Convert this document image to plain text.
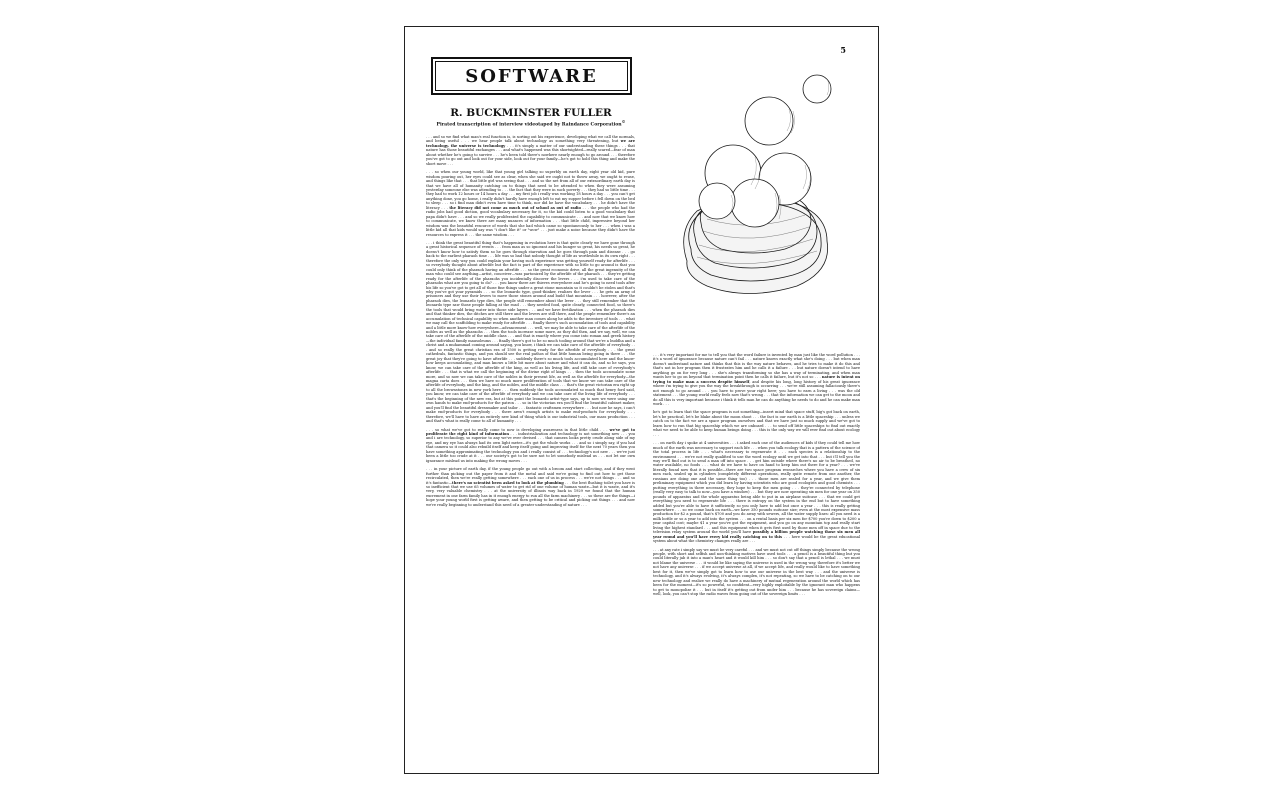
5
SOFTWARE
R. BUCKMINSTER FULLER
Pirated transcription of interview videotaped by Raindance Corporation©

. . . and so we find what man's real function is, is sorting out his experience, developing what we call the normals, and being useful . . . we hear people talk about technology as something very threatening, but we are technology. the universe is technology . . . it's simply a matter of our understanding these things . . . that nature has those beautiful exchanges . . . and what's happened was this shortsighted—really scared—fear of man about whether he's going to survive . . . he's been told there's nowhere nearly enough to go around . . . therefore you've got to go out and look out for your side, look out for your family—he's got to hold this thing and make the short move . . .

. . . so when our young world, like that young girl talking so superbly on earth day, eight year old kid, pure wisdom pouring out, her eyes could see as clear, when she said we ought not to throw away, we ought to reuse, and things like that . . . that little girl was seeing that . . . and so the net from all of our extraordinary earth day is that we have all of humanity catching on to things that need to be attended to when they were assuming yesterday someone else was attending to . . . the fact that they were in such poverty . . . they had so little time . . . they had to work 12 hours or 14 hours a day . . . my first job i really was working 18 hours a day . . . you can't get anything done, you go home, i really didn't hardly have enough left to eat my supper before i fell down on the bed to sleep . . . so i find man didn't even have time to think, nor did he have the vocabulary . . . he didn't have the literacy . . . the literacy did not come as much out of school as out of radio . . . the people who had the radio jobs had good diction, good vocabulary necessary for it, so the kid could listen to a good vocabulary that papa didn't have . . . and so we really proliferated the capability to communicate . . . and now that we know how to communicate, we know there are many nuances of information . . . that little child, impressive beyond her wisdom was the beautiful resource of words that she had which came so spontaneously to her . . . when i was a little kid all that kids would say was "i don't like it" or "wow" . . . just make a noise because they didn't have the resources to express it . . . the same wisdom . . .

. . . i think the great beautiful thing that's happening in evolution here is that quite clearly we have gone through a great historical sequence of events . . . from man as so ignorant and his hunger so great, his needs so great, he doesn't know how to satisfy them so he goes through starvation and he goes through pain and disease . . . go back to the earliest pharaoh time . . . life was so bad that nobody thought of life as worthwhile in its own right . . . therefore the only way you could explain your having such experience was getting yourself ready for afterlife . . . so everybody thought about afterlife but the fact is part of the experience with so little to go around is that you could only think of the pharaoh having an afterlife . . . so the great economic drive, all the great ingenuity of the man who could see anything—artist, conceiver—was partonized by the afterlife of the pharaoh . . . they're getting ready for the afterlife of the pharaohs you incidentally discover the levers . . . i'm used to take care of the pharaohs what are you going to do? . . . you know there are thieves everywhere and he's going to need tools after his life so you've got to get all of those fine things under a great stone mountain so it couldn't be stolen and that's why you've got your pyramids . . . so the leonardo type, good-thinker, realizes the lever . . . he gets an army of prisoners and they use their levers to move those stones around and build that mountain . . . however, after the pharaoh dies, the leonardo type dies, the people still remember about the lever . . . they still remember that the leonardo type saw those people falling at the road . . . they needed food, quite clearly, connected food, so there's the tools that would bring water into those side layers . . . and we have fertilization . . . when the pharaoh dies and that thinker dies, the ditches are still there and the levers are still there, and the people remember there's an accumulation of technical capability so when another man comes along he adds to the inventory of tools . . . what we may call the scaffolding to make ready for afterlife . . . finally there's such accumulation of tools and capability and a little more know-how everywhere—advancement . . . well, we may be able to take care of the afterlife of the nobles as well as the pharaohs . . . then the tools increase some more, as they did then, and we say, well, we can take care of the afterlife of the middle class . . . and that is exactly where you come into roman and greek history—the individual family mausoleums . . . finally there's got to be so much tooling around that we're a buddha and a christ and a muhammad coming around saying, you know, i think we can take care of the afterlife of everybody . . . and so really the great christian era of 1500 is getting ready for the afterlife of everybody . . . the great cathedrals, fantastic things, and you should see the real pathos of that little human being going in there . . . the great joy that they're going to have afterlife . . . suddenly there's so much tools accumulated here and the know-how keeps accumulating, and man knows a little bit more about nature and what it can do, and so he says, you know, we can take care of the afterlife of the king, as well as his living life, and still take care of everybody's afterlife . . . that is what we call the beginning of the divine right of kings . . . then the tools accumulate some more, and so now we can take care of the nobles in their present life, as well as the afterlife for everybody—the magna carta does . . . then we have so much more proliferation of tools that we know we can take care of the afterlife of everybody, and the king, and the nobles, and the middle class . . . that's the great victorian era right up to all the brownstones in new york here . . . then suddenly the tools accumulated so much that henry ford said, you know, we can take care of the afterlife of everybody and we can take care of the living life of everybody . . . that's the beginning of the new era, but at this point the leonardo artist-type says, up to now we were using our own hands to make end-products for the patron . . . so in the victorian era you'll find the beautiful cabinet maker, and you'll find the beautiful dressmaker and tailor . . . fantastic craftsmen everywhere . . . but now he says, i can't make end-products for everybody . . . there aren't enough artists to make end-products for everybody . . . therefore, we'll have to have an entirely new kind of thing which is our industrial tools, our mass production . . . and that's what is really come to all of humanity . . .

. . . so what we've got to really come to now is developing awareness in that little child . . . we've got to proliferate the right kind of information . . . industrialization and technology is not something new . . . you and i are technology, so superior to any we've ever devised . . . that camera looks pretty crude along side of my eye, and my eye has always had its own light meter—it's got the whole works . . . and so i simply say, if you had that camera so it could also rebuild itself and keep itself going and improving itself for the next 70 years then you have something approximating the technology you and i really consist of . . . technology's not new . . . we've just been a little too crude at it . . . our society's got to be sure not to let somebody mislead us . . . not let our own ignorance mislead us into making the wrong moves . . .

. . . in your picture of earth day, if the young people go out with a broom and start collecting, and if they went further than picking out the paper from it and the metal and said we're going to find out how to get those recirculated, then we're really getting somewhere . . . each one of us in process . . . we're not things . . . and so it's fantastic—there's no scientist been asked to look at the plumbing . . . the best flushing toilet you have is so inefficient that we use 65 volumes of water to get rid of one volume of human waste—but it is waste, and it's very, very valuable chemistry . . . at the university of illinois way back in 1929 we found that the human excrement in one farm family has in it enough energy to run all the farm machinery . . . so these are the things—i hope your young world first is getting aware, and then getting to be critical and picking out things . . . and now we're really beginning to understand this need of a greater understanding of nature . . .

. . . it's very important for me to tell you that the word failure is invented by man just like the word pollution . . . it's a word of ignorance because nature can't fail . . . nature knows exactly what she's doing . . . but when man doesn't understand nature and thinks that this is the way nature behaves, and he tries to make it do this and that's not in her program then it frustrates him and he calls it a failure . . . but nature doesn't intend to have anything go on for very long . . . she's always transforming so she has a way of terminating, and when man wants her to go on beyond that termination point then he calls it failure, but it's not so . . . nature is intent on trying to make man a success despite himself, and despite his long, long history of his great ignorance where i'm trying to give you the way the breakthrough is occurring . . . we're still assuming fallaciously there's not enough to go around . . . you have to prove your right here; you have to earn a living . . . was the old statement . . . the young world really feels now that's wrong . . . that the information we can get to the moon and do all this is very important because i think it tells man he can do anything he needs to do and he can make man work . . .

he's got to learn that the space program is not something—insert mind that space stuff, big's got back on earth, let's be practical, let's be blake about the moon shoot . . . the fact is our earth is a little spaceship . . . unless we catch on to the fact we are a space program ourselves and that we have just so much supply and we've got to learn how to run that big spaceship which we are onboard . . . to send off little spaceships to find out exactly what we need to be able to keep human beings doing . . . this is the only way we will ever find out about ecology . . .

. . . on earth day i spoke at 4 universities . . . i asked each one of the audiences of kids if they could tell me how much of the earth was necessary to support each life . . . when you talk ecology that is a pattern of the science of the total process in life . . . what's necessary to regenerate it . . . each species is a relationship to the environment . . . we're not really qualified to use the word ecology until we get into that . . . but i'll tell you the way we'll find out is to send a man off into space . . . get him outside where there's no air to be breathed, no water available, no foods . . . what do we have to have on hand to keep him out there for a year? . . . we've literally found now that it is possible—there are two space program researches where you have a crew of six men each, sealed up in cylinders (completely different operations, really quite remote from one another, the russians are doing one and the same thing too) . . . those men are sealed for a year, and we give them preliminary equipment which you did learn by having scientists who are good ecologists and good chemists . . . putting everything in there necessary, they hope to keep the men going . . . they're connected by telephone (really very easy to talk to now—you have a window) . . . but they are now operating six men for one year on 350 pounds of apparatus and the whole apparatus being able to put in an airplane suitcase . . . that we could get everything you need to regenerate life . . . there is entropy on the system in the end but to have something added but you're able to have it sufficiently so you only have to add but once a year . . . this is really getting somewhere . . . so we come back on earth—we have 350 pounds suitcase size; even at the most expensive mass production for $2 a pound, that's $700 and you do away with sewers, all the water supply lines: all you need is a milk bottle or so a year to add into the system . . . on a rental basis per six men for $700 you're down to $200 a year capital cost; maybe $1 a year you've got the equipment, and you go on any mountain top and really start living the highest standard . . . and this equipment when it gets first used by those men off in space due to the television relay system around the world you'll have possibly a billion people watching those six men all year round and you'll have every kid really catching on to this . . . here would be the great educational system about what the chemistry changes really are . . .

. . . at any rate i simply say we must be very careful . . . and we must not cut off things simply because the wrong people, with short and selfish and non-thinking motives have used tools . . . a pencil is a beautiful thing but you could literally jab it into a man's heart and it would kill him . . . so don't say that a pencil is lethal . . . we must not blame the universe . . . it would be like saying the universe is used in the wrong way, therefore it's better we not have any universe . . . if we accept universe at all, if we accept life, and really would like to have something best for it, then we've simply got to learn how to use our universe in the best way . . . and the universe is technology, and it's always evolving, it's always complex, it's not repeating, so we have to be catching on to our new technology and realize we really do have a machinery of mutual regeneration around the world which has been for the moment—it's so powerful, so confident—very highly exploitable by the ignorant man who happens to get to monopolize it . . . but in itself it's getting out from under him . . . because he has sovereign claims—well, look, you can't stop the radio waves from going out of the sovereign limits . . .
